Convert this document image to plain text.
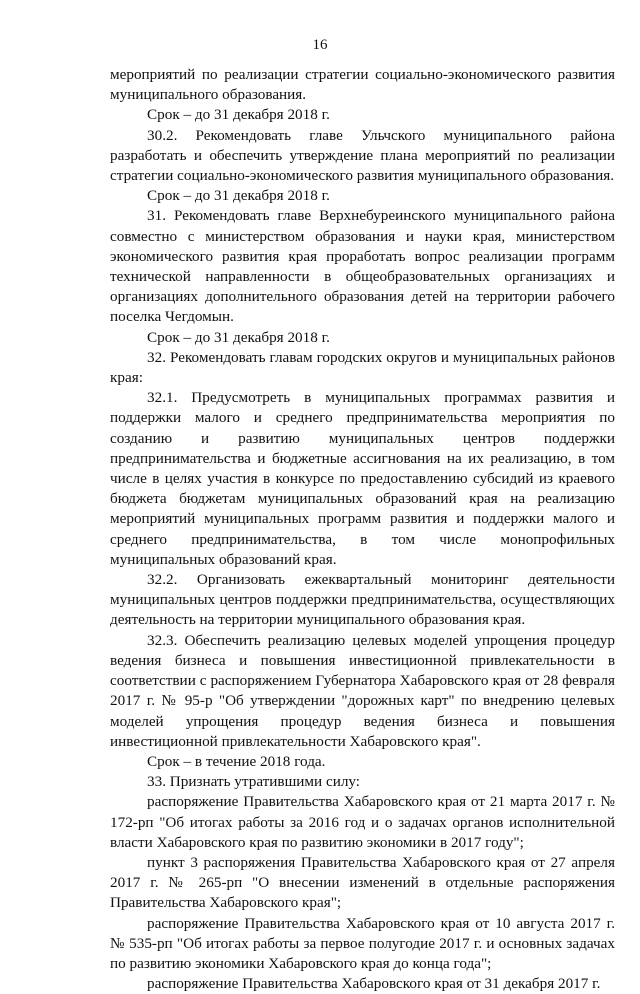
16

мероприятий по реализации стратегии социально-экономического развития муниципального образования.

Срок – до 31 декабря 2018 г.

30.2. Рекомендовать главе Ульчского муниципального района разработать и обеспечить утверждение плана мероприятий по реализации стратегии социально-экономического развития муниципального образования.

Срок – до 31 декабря 2018 г.

31. Рекомендовать главе Верхнебуреинского муниципального района совместно с министерством образования и науки края, министерством экономического развития края проработать вопрос реализации программ технической направленности в общеобразовательных организациях и организациях дополнительного образования детей на территории рабочего поселка Чегдомын.

Срок – до 31 декабря 2018 г.

32. Рекомендовать главам городских округов и муниципальных районов края:

32.1. Предусмотреть в муниципальных программах развития и поддержки малого и среднего предпринимательства мероприятия по созданию и развитию муниципальных центров поддержки предпринимательства и бюджетные ассигнования на их реализацию, в том числе в целях участия в конкурсе по предоставлению субсидий из краевого бюджета бюджетам муниципальных образований края на реализацию мероприятий муниципальных программ развития и поддержки малого и среднего предпринимательства, в том числе монопрофильных муниципальных образований края.

32.2. Организовать ежеквартальный мониторинг деятельности муниципальных центров поддержки предпринимательства, осуществляющих деятельность на территории муниципального образования края.

32.3. Обеспечить реализацию целевых моделей упрощения процедур ведения бизнеса и повышения инвестиционной привлекательности в соответствии с распоряжением Губернатора Хабаровского края от 28 февраля 2017 г. № 95-р "Об утверждении "дорожных карт" по внедрению целевых моделей упрощения процедур ведения бизнеса и повышения инвестиционной привлекательности Хабаровского края".

Срок – в течение 2018 года.

33. Признать утратившими силу:

распоряжение Правительства Хабаровского края от 21 марта 2017 г. № 172-рп "Об итогах работы за 2016 год и о задачах органов исполнительной власти Хабаровского края по развитию экономики в 2017 году";

пункт 3 распоряжения Правительства Хабаровского края от 27 апреля 2017 г. № 265-рп "О внесении изменений в отдельные распоряжения Правительства Хабаровского края";

распоряжение Правительства Хабаровского края от 10 августа 2017 г. № 535-рп "Об итогах работы за первое полугодие 2017 г. и основных задачах по развитию экономики Хабаровского края до конца года";

распоряжение Правительства Хабаровского края от 31 декабря 2017 г.
